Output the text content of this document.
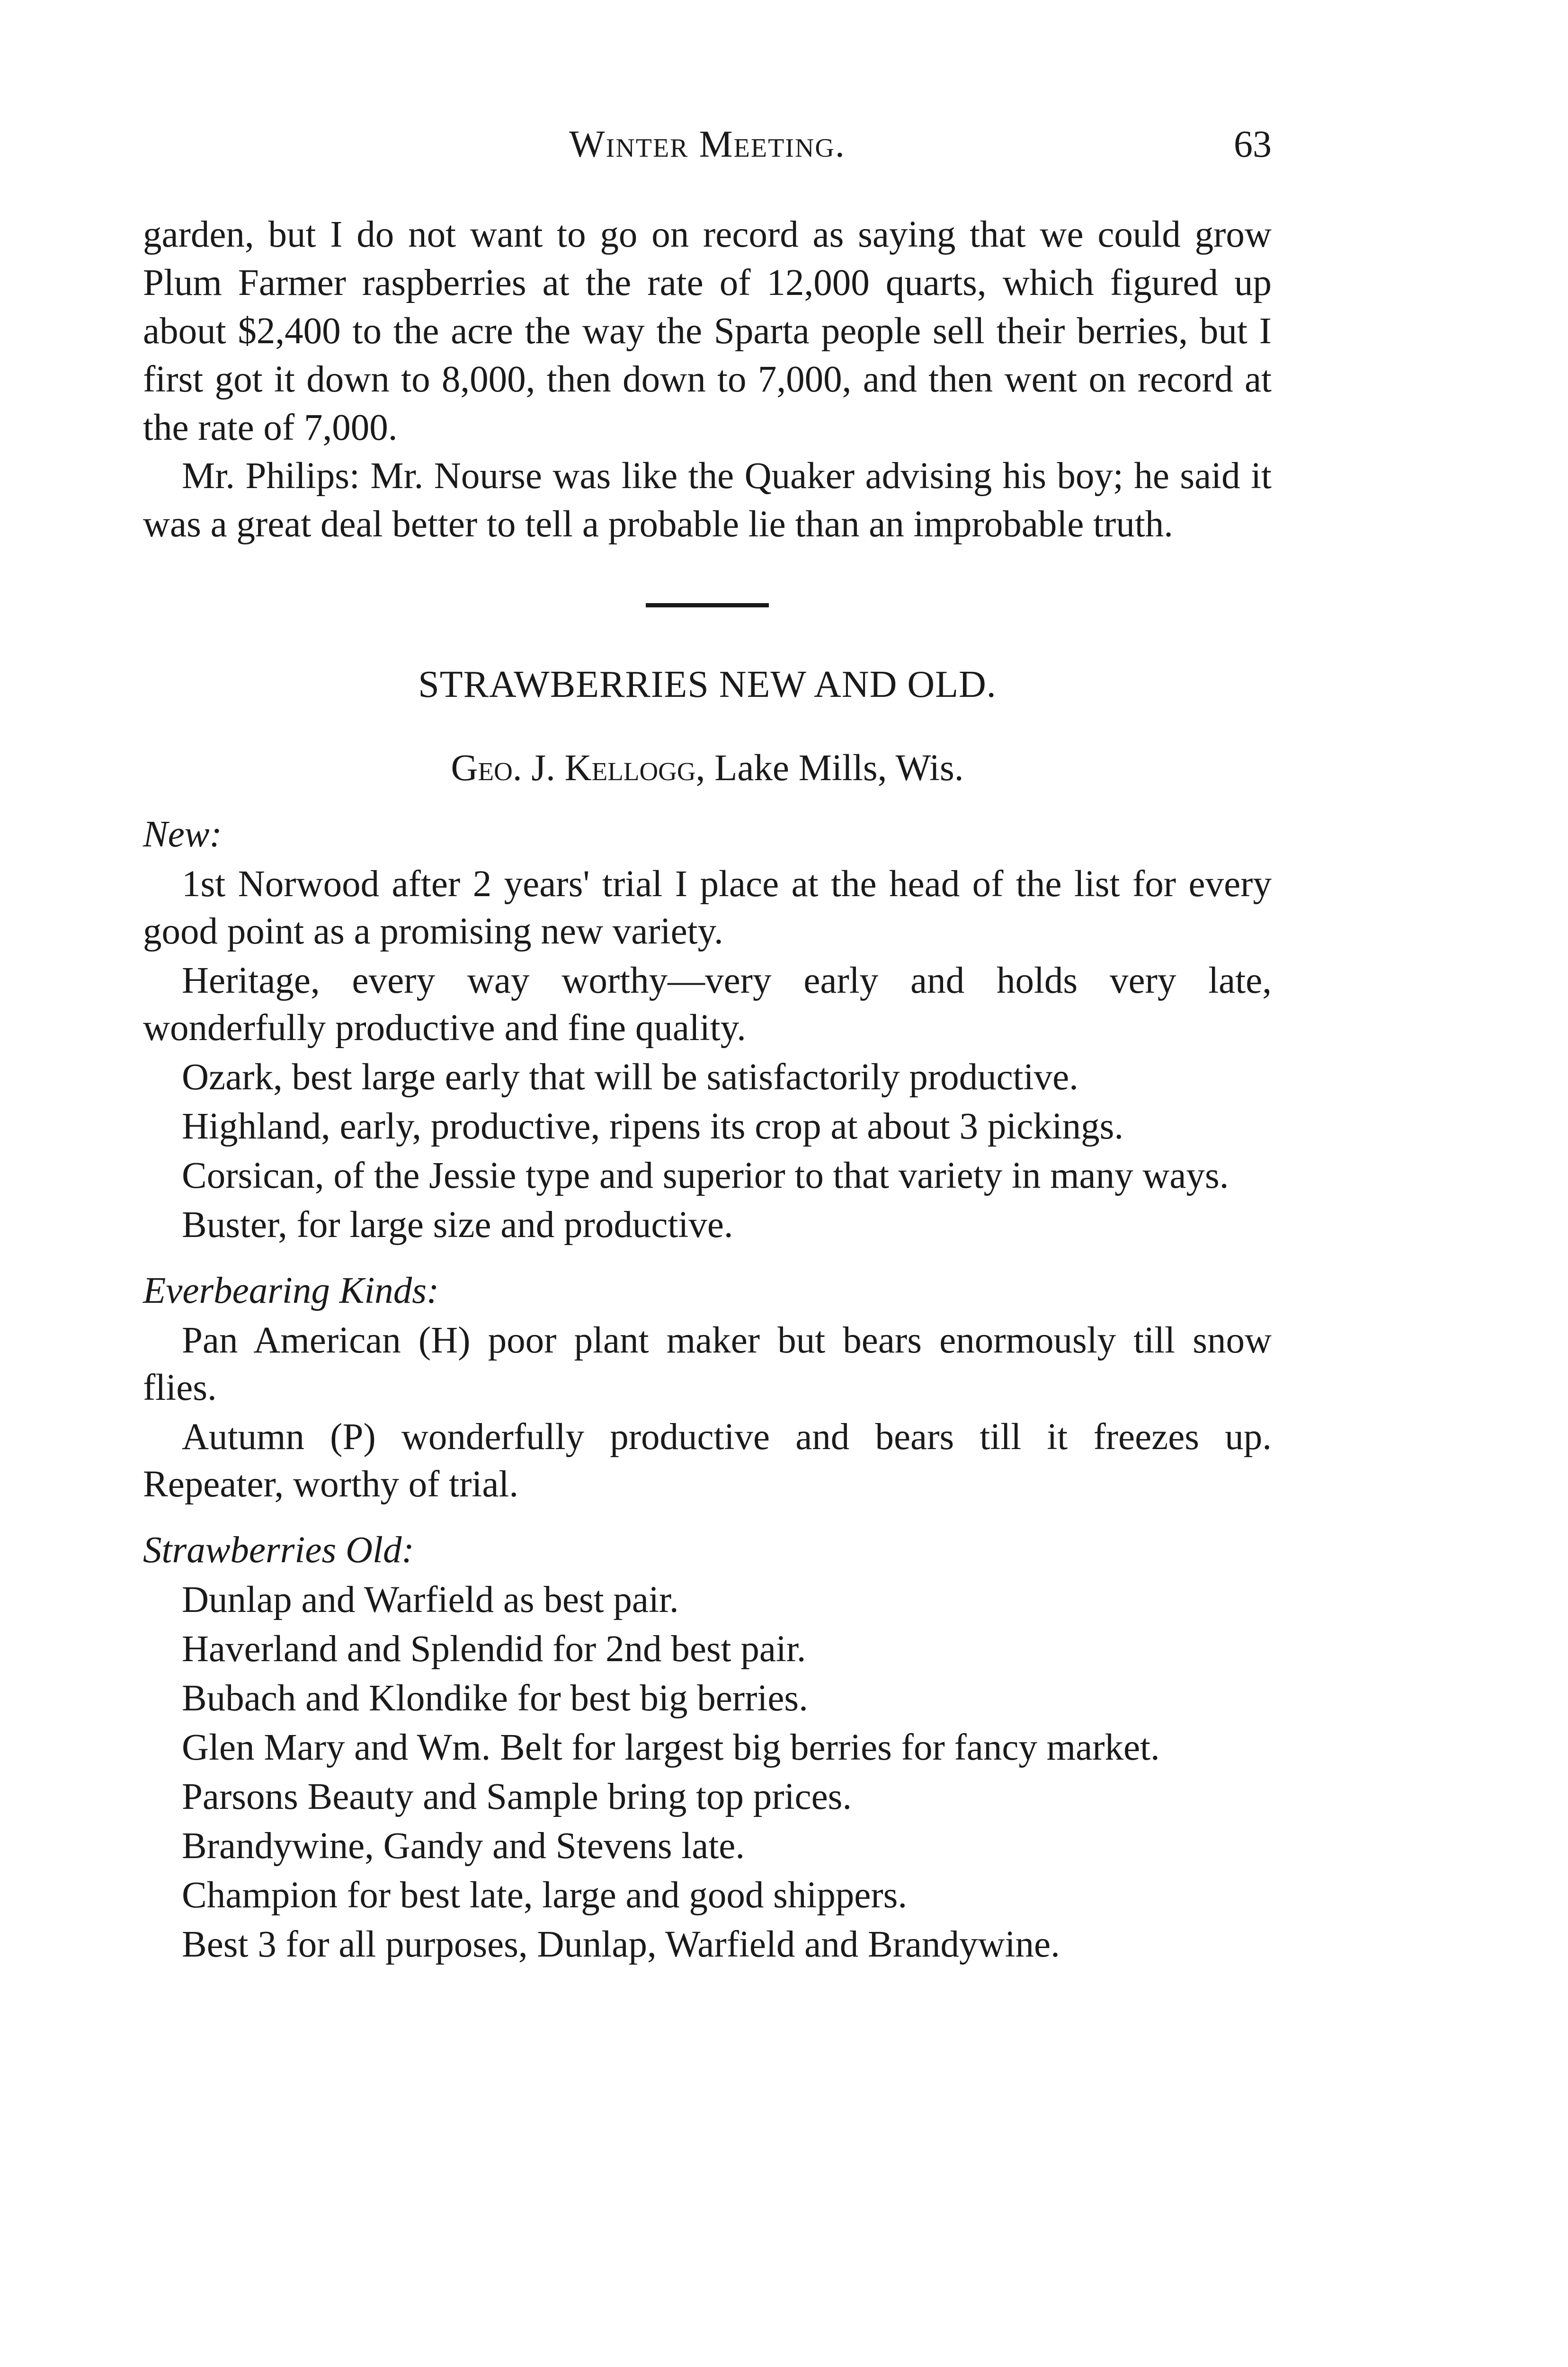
Winter Meeting.	63

garden, but I do not want to go on record as saying that we could grow Plum Farmer raspberries at the rate of 12,000 quarts, which figured up about $2,400 to the acre the way the Sparta people sell their berries, but I first got it down to 8,000, then down to 7,000, and then went on record at the rate of 7,000.

Mr. Philips: Mr. Nourse was like the Quaker advising his boy; he said it was a great deal better to tell a probable lie than an improbable truth.

STRAWBERRIES NEW AND OLD.
Geo. J. Kellogg, Lake Mills, Wis.
New:

1st Norwood after 2 years' trial I place at the head of the list for every good point as a promising new variety.

Heritage, every way worthy—very early and holds very late, wonderfully productive and fine quality.

Ozark, best large early that will be satisfactorily productive.

Highland, early, productive, ripens its crop at about 3 pickings.

Corsican, of the Jessie type and superior to that variety in many ways.

Buster, for large size and productive.

Everbearing Kinds:

Pan American (H) poor plant maker but bears enormously till snow flies.

Autumn (P) wonderfully productive and bears till it freezes up. Repeater, worthy of trial.

Strawberries Old:

Dunlap and Warfield as best pair.

Haverland and Splendid for 2nd best pair.

Bubach and Klondike for best big berries.

Glen Mary and Wm. Belt for largest big berries for fancy market.

Parsons Beauty and Sample bring top prices.

Brandywine, Gandy and Stevens late.

Champion for best late, large and good shippers.

Best 3 for all purposes, Dunlap, Warfield and Brandywine.
